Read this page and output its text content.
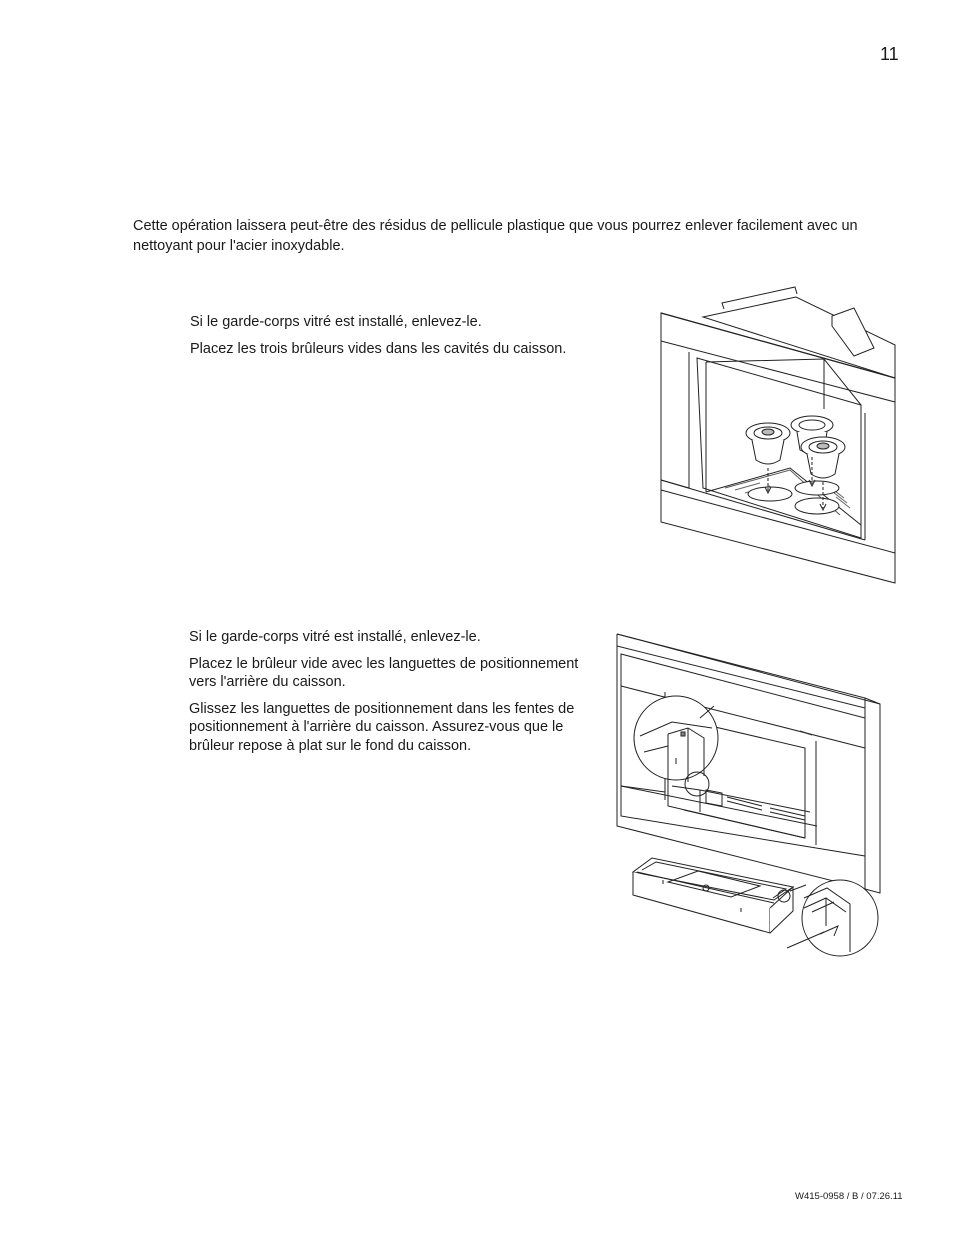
11

Cette opération laissera peut-être des résidus de pellicule plastique que vous pourrez enlever facilement avec un nettoyant pour l'acier inoxydable.

Si le garde-corps vitré est installé, enlevez-le.

Placez les trois brûleurs vides dans les cavités du caisson.

Si le garde-corps vitré est installé, enlevez-le.

Placez le brûleur vide avec les languettes de positionnement vers l'arrière du caisson.

Glissez les languettes de positionnement dans les fentes de positionnement à l'arrière du caisson. Assurez-vous que le brûleur repose à plat sur le fond du caisson.

W415-0958 / B / 07.26.11
